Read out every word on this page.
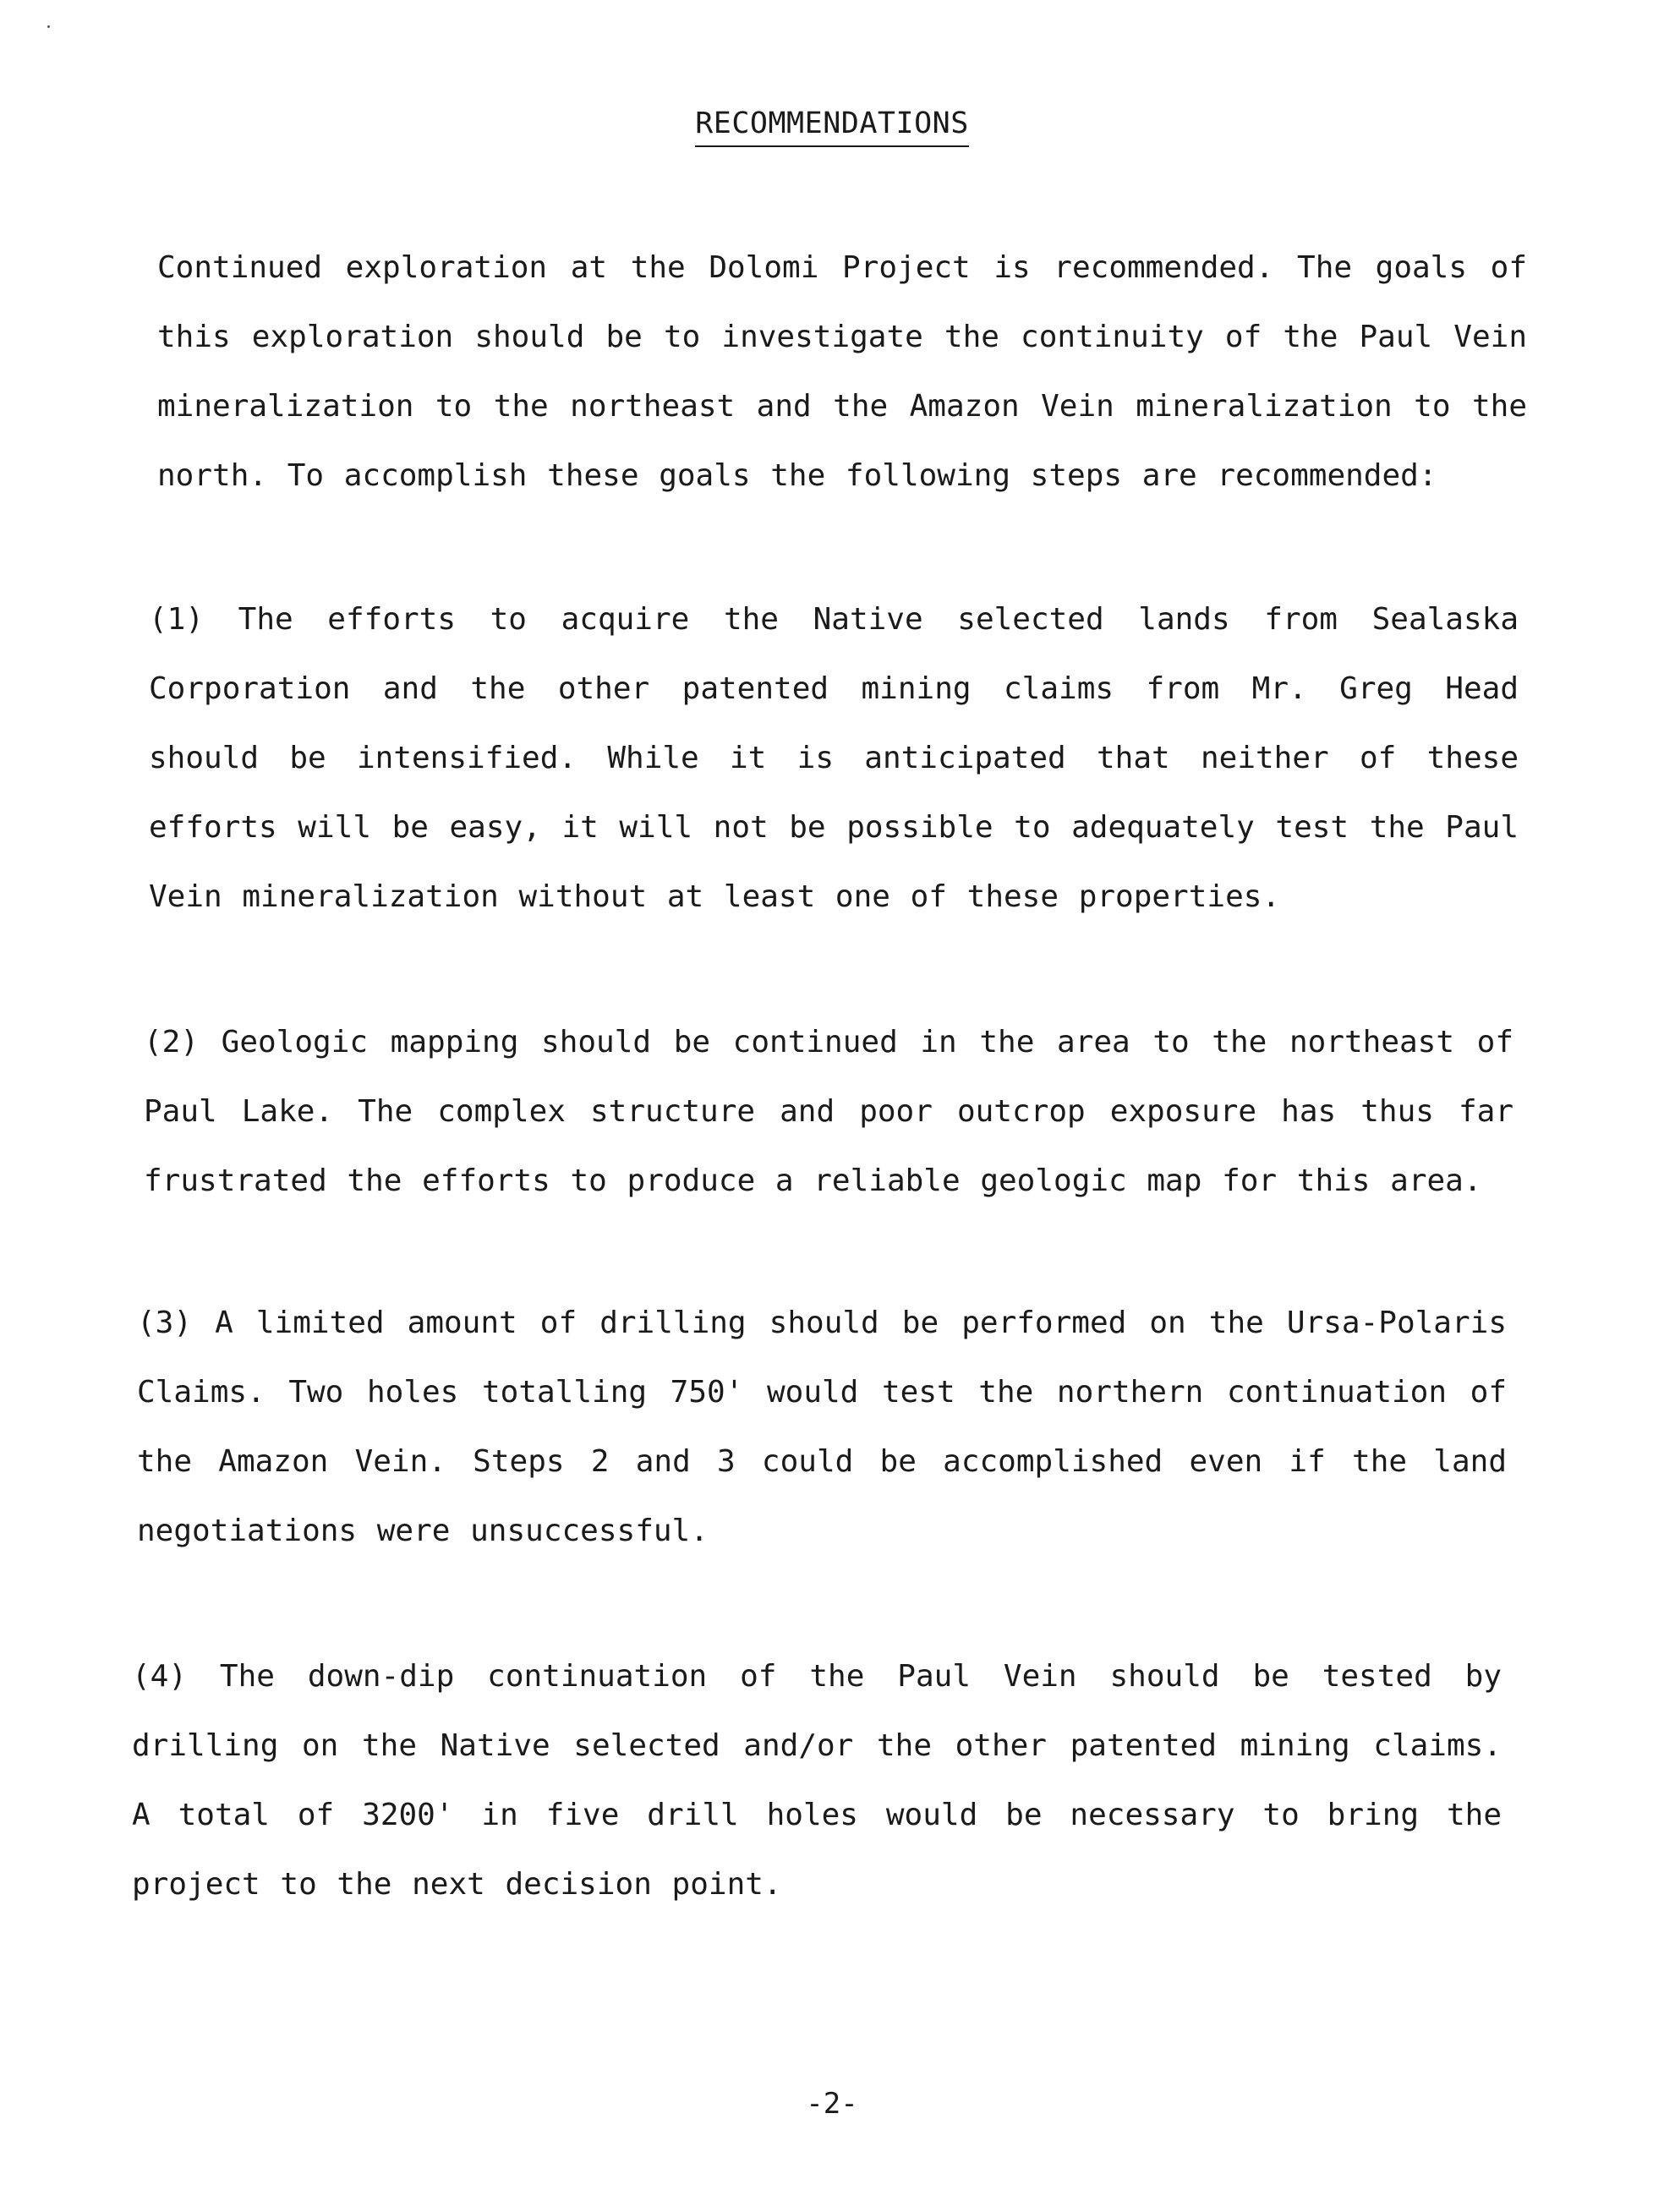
RECOMMENDATIONS
Continued exploration at the Dolomi Project is recommended. The goals of this exploration should be to investigate the continuity of the Paul Vein mineralization to the northeast and the Amazon Vein mineralization to the north. To accomplish these goals the following steps are recommended:
(1) The efforts to acquire the Native selected lands from Sealaska Corporation and the other patented mining claims from Mr. Greg Head should be intensified. While it is anticipated that neither of these efforts will be easy, it will not be possible to adequately test the Paul Vein mineralization without at least one of these properties.
(2) Geologic mapping should be continued in the area to the northeast of Paul Lake. The complex structure and poor outcrop exposure has thus far frustrated the efforts to produce a reliable geologic map for this area.
(3) A limited amount of drilling should be performed on the Ursa-Polaris Claims. Two holes totalling 750' would test the northern continuation of the Amazon Vein. Steps 2 and 3 could be accomplished even if the land negotiations were unsuccessful.
(4) The down-dip continuation of the Paul Vein should be tested by drilling on the Native selected and/or the other patented mining claims. A total of 3200' in five drill holes would be necessary to bring the project to the next decision point.
-2-
